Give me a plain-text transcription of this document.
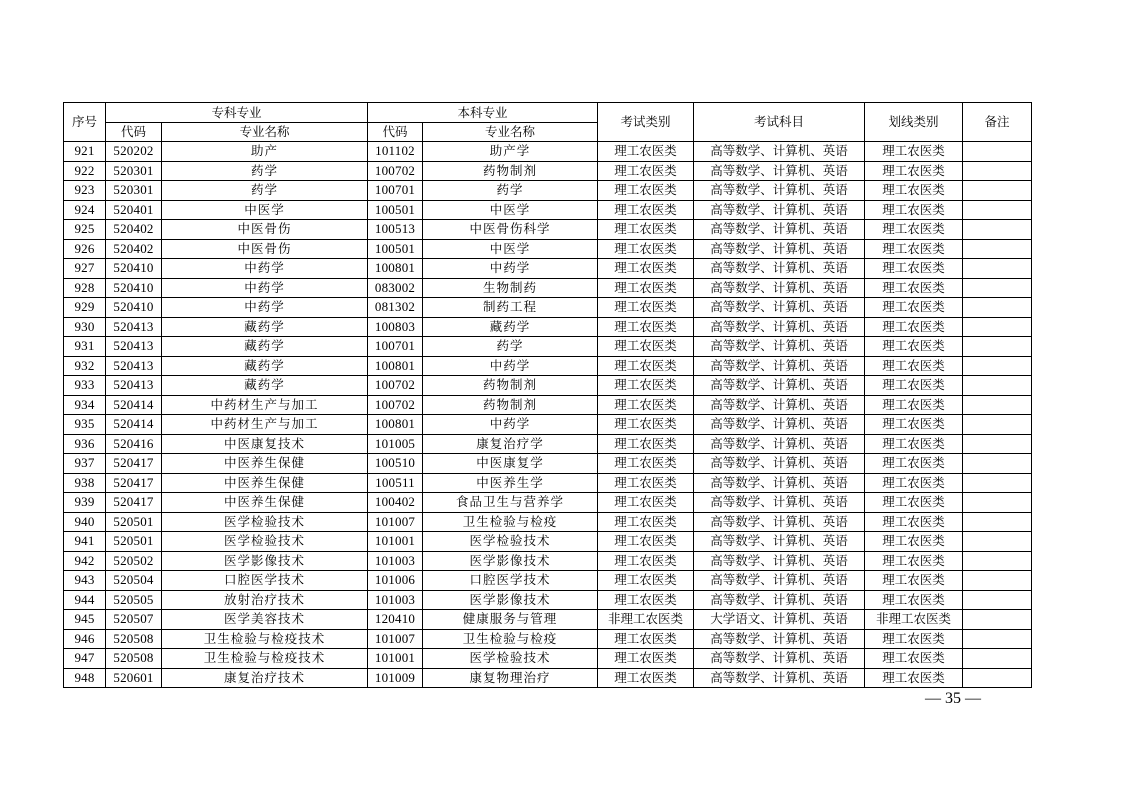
序号	专科专业		本科专业		考试类别	考试科目	划线类别	备注
	代码	专业名称	代码	专业名称				
921	520202	助产	101102	助产学	理工农医类	高等数学、计算机、英语	理工农医类	
922	520301	药学	100702	药物制剂	理工农医类	高等数学、计算机、英语	理工农医类	
923	520301	药学	100701	药学	理工农医类	高等数学、计算机、英语	理工农医类	
924	520401	中医学	100501	中医学	理工农医类	高等数学、计算机、英语	理工农医类	
925	520402	中医骨伤	100513	中医骨伤科学	理工农医类	高等数学、计算机、英语	理工农医类	
926	520402	中医骨伤	100501	中医学	理工农医类	高等数学、计算机、英语	理工农医类	
927	520410	中药学	100801	中药学	理工农医类	高等数学、计算机、英语	理工农医类	
928	520410	中药学	083002	生物制药	理工农医类	高等数学、计算机、英语	理工农医类	
929	520410	中药学	081302	制药工程	理工农医类	高等数学、计算机、英语	理工农医类	
930	520413	藏药学	100803	藏药学	理工农医类	高等数学、计算机、英语	理工农医类	
931	520413	藏药学	100701	药学	理工农医类	高等数学、计算机、英语	理工农医类	
932	520413	藏药学	100801	中药学	理工农医类	高等数学、计算机、英语	理工农医类	
933	520413	藏药学	100702	药物制剂	理工农医类	高等数学、计算机、英语	理工农医类	
934	520414	中药材生产与加工	100702	药物制剂	理工农医类	高等数学、计算机、英语	理工农医类	
935	520414	中药材生产与加工	100801	中药学	理工农医类	高等数学、计算机、英语	理工农医类	
936	520416	中医康复技术	101005	康复治疗学	理工农医类	高等数学、计算机、英语	理工农医类	
937	520417	中医养生保健	100510	中医康复学	理工农医类	高等数学、计算机、英语	理工农医类	
938	520417	中医养生保健	100511	中医养生学	理工农医类	高等数学、计算机、英语	理工农医类	
939	520417	中医养生保健	100402	食品卫生与营养学	理工农医类	高等数学、计算机、英语	理工农医类	
940	520501	医学检验技术	101007	卫生检验与检疫	理工农医类	高等数学、计算机、英语	理工农医类	
941	520501	医学检验技术	101001	医学检验技术	理工农医类	高等数学、计算机、英语	理工农医类	
942	520502	医学影像技术	101003	医学影像技术	理工农医类	高等数学、计算机、英语	理工农医类	
943	520504	口腔医学技术	101006	口腔医学技术	理工农医类	高等数学、计算机、英语	理工农医类	
944	520505	放射治疗技术	101003	医学影像技术	理工农医类	高等数学、计算机、英语	理工农医类	
945	520507	医学美容技术	120410	健康服务与管理	非理工农医类	大学语文、计算机、英语	非理工农医类	
946	520508	卫生检验与检疫技术	101007	卫生检验与检疫	理工农医类	高等数学、计算机、英语	理工农医类	
947	520508	卫生检验与检疫技术	101001	医学检验技术	理工农医类	高等数学、计算机、英语	理工农医类	
948	520601	康复治疗技术	101009	康复物理治疗	理工农医类	高等数学、计算机、英语	理工农医类	
— 35 —
